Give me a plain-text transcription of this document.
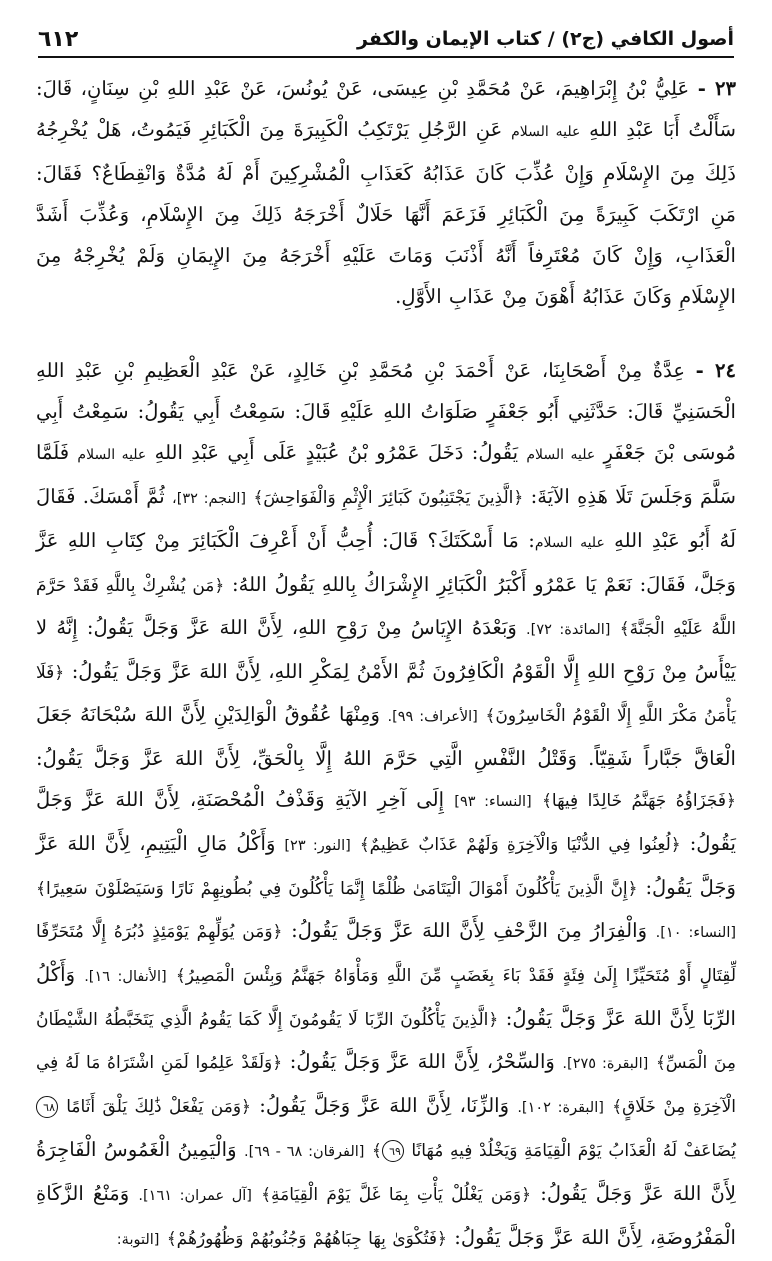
أصول الكافي (ج٢) / كتاب الإيمان والكفر
٦١٢

٢٣ - عَلِيُّ بْنُ إِبْرَاهِيمَ، عَنْ مُحَمَّدِ بْنِ عِيسَى، عَنْ يُونُسَ، عَنْ عَبْدِ اللهِ بْنِ سِنَانٍ، قَالَ: سَأَلْتُ أَبَا عَبْدِ اللهِ عليه السلام عَنِ الرَّجُلِ يَرْتَكِبُ الْكَبِيرَةَ مِنَ الْكَبَائِرِ فَيَمُوتُ، هَلْ يُخْرِجُهُ ذَلِكَ مِنَ الإِسْلَامِ وَإِنْ عُذِّبَ كَانَ عَذَابُهُ كَعَذَابِ الْمُشْرِكِينَ أَمْ لَهُ مُدَّةٌ وَانْقِطَاعٌ؟ فَقَالَ: مَنِ ارْتَكَبَ كَبِيرَةً مِنَ الْكَبَائِرِ فَزَعَمَ أَنَّهَا حَلَالٌ أَخْرَجَهُ ذَلِكَ مِنَ الإِسْلَامِ، وَعُذِّبَ أَشَدَّ الْعَذَابِ، وَإِنْ كَانَ مُعْتَرِفاً أَنَّهُ أَذْنَبَ وَمَاتَ عَلَيْهِ أَخْرَجَهُ مِنَ الإِيمَانِ وَلَمْ يُخْرِجْهُ مِنَ الإِسْلَامِ وَكَانَ عَذَابُهُ أَهْوَنَ مِنْ عَذَابِ الأَوَّلِ.

٢٤ - عِدَّةٌ مِنْ أَصْحَابِنَا، عَنْ أَحْمَدَ بْنِ مُحَمَّدِ بْنِ خَالِدٍ، عَنْ عَبْدِ الْعَظِيمِ بْنِ عَبْدِ اللهِ الْحَسَنِيِّ قَالَ: حَدَّثَنِي أَبُو جَعْفَرٍ صَلَوَاتُ اللهِ عَلَيْهِ قَالَ: سَمِعْتُ أَبِي يَقُولُ: سَمِعْتُ أَبِي مُوسَى بْنَ جَعْفَرٍ عليه السلام يَقُولُ: دَخَلَ عَمْرُو بْنُ عُبَيْدٍ عَلَى أَبِي عَبْدِ اللهِ عليه السلام فَلَمَّا سَلَّمَ وَجَلَسَ تَلَا هَذِهِ الآيَةَ: ﴿الَّذِينَ يَجْتَنِبُونَ كَبَائِرَ الْإِثْمِ وَالْفَوَاحِشَ﴾ [النجم: ٣٢]، ثُمَّ أَمْسَكَ. فَقَالَ لَهُ أَبُو عَبْدِ اللهِ عليه السلام: مَا أَسْكَتَكَ؟ قَالَ: أُحِبُّ أَنْ أَعْرِفَ الْكَبَائِرَ مِنْ كِتَابِ اللهِ عَزَّ وَجَلَّ، فَقَالَ: نَعَمْ يَا عَمْرُو أَكْبَرُ الْكَبَائِرِ الإِشْرَاكُ بِاللهِ يَقُولُ اللهُ: ﴿مَن يُشْرِكْ بِاللَّهِ فَقَدْ حَرَّمَ اللَّهُ عَلَيْهِ الْجَنَّةَ﴾ [المائدة: ٧٢]. وَبَعْدَهُ الإِيَاسُ مِنْ رَوْحِ اللهِ، لِأَنَّ اللهَ عَزَّ وَجَلَّ يَقُولُ: إِنَّهُ لا يَيْأَسُ مِنْ رَوْحِ اللهِ إِلَّا الْقَوْمُ الْكَافِرُونَ ثُمَّ الأَمْنُ لِمَكْرِ اللهِ، لِأَنَّ اللهَ عَزَّ وَجَلَّ يَقُولُ: ﴿فَلَا يَأْمَنُ مَكْرَ اللَّهِ إِلَّا الْقَوْمُ الْخَاسِرُونَ﴾ [الأعراف: ٩٩]. وَمِنْهَا عُقُوقُ الْوَالِدَيْنِ لِأَنَّ اللهَ سُبْحَانَهُ جَعَلَ الْعَاقَّ جَبَّاراً شَقِيّاً. وَقَتْلُ النَّفْسِ الَّتِي حَرَّمَ اللهُ إِلَّا بِالْحَقِّ، لِأَنَّ اللهَ عَزَّ وَجَلَّ يَقُولُ: ﴿فَجَزَاؤُهُ جَهَنَّمُ خَالِدًا فِيهَا﴾ [النساء: ٩٣] إِلَى آخِرِ الآيَةِ وَقَذْفُ الْمُحْصَنَةِ، لِأَنَّ اللهَ عَزَّ وَجَلَّ يَقُولُ: ﴿لُعِنُوا فِي الدُّنْيَا وَالْآخِرَةِ وَلَهُمْ عَذَابٌ عَظِيمٌ﴾ [النور: ٢٣] وَأَكْلُ مَالِ الْيَتِيمِ، لِأَنَّ اللهَ عَزَّ وَجَلَّ يَقُولُ: ﴿إِنَّ الَّذِينَ يَأْكُلُونَ أَمْوَالَ الْيَتَامَىٰ ظُلْمًا إِنَّمَا يَأْكُلُونَ فِي بُطُونِهِمْ نَارًا وَسَيَصْلَوْنَ سَعِيرًا﴾ [النساء: ١٠]. وَالْفِرَارُ مِنَ الزَّحْفِ لِأَنَّ اللهَ عَزَّ وَجَلَّ يَقُولُ: ﴿وَمَن يُوَلِّهِمْ يَوْمَئِذٍ دُبُرَهُ إِلَّا مُتَحَرِّفًا لِّقِتَالٍ أَوْ مُتَحَيِّزًا إِلَىٰ فِئَةٍ فَقَدْ بَاءَ بِغَضَبٍ مِّنَ اللَّهِ وَمَأْوَاهُ جَهَنَّمُ وَبِئْسَ الْمَصِيرُ﴾ [الأنفال: ١٦]. وَأَكْلُ الرِّبَا لِأَنَّ اللهَ عَزَّ وَجَلَّ يَقُولُ: ﴿الَّذِينَ يَأْكُلُونَ الرِّبَا لَا يَقُومُونَ إِلَّا كَمَا يَقُومُ الَّذِي يَتَخَبَّطُهُ الشَّيْطَانُ مِنَ الْمَسِّ﴾ [البقرة: ٢٧٥]. وَالسِّحْرُ، لِأَنَّ اللهَ عَزَّ وَجَلَّ يَقُولُ: ﴿وَلَقَدْ عَلِمُوا لَمَنِ اشْتَرَاهُ مَا لَهُ فِي الْآخِرَةِ مِنْ خَلَاقٍ﴾ [البقرة: ١٠٢]. وَالزِّنَا، لِأَنَّ اللهَ عَزَّ وَجَلَّ يَقُولُ: ﴿وَمَن يَفْعَلْ ذَٰلِكَ يَلْقَ أَثَامًا ٦٨ يُضَاعَفْ لَهُ الْعَذَابُ يَوْمَ الْقِيَامَةِ وَيَخْلُدْ فِيهِ مُهَانًا ٦٩﴾ [الفرقان: ٦٨ - ٦٩]. وَالْيَمِينُ الْغَمُوسُ الْفَاجِرَةُ لِأَنَّ اللهَ عَزَّ وَجَلَّ يَقُولُ: ﴿وَمَن يَغْلُلْ يَأْتِ بِمَا غَلَّ يَوْمَ الْقِيَامَةِ﴾ [آل عمران: ١٦١]. وَمَنْعُ الزَّكَاةِ الْمَفْرُوضَةِ، لِأَنَّ اللهَ عَزَّ وَجَلَّ يَقُولُ: ﴿فَتُكْوَىٰ بِهَا جِبَاهُهُمْ وَجُنُوبُهُمْ وَظُهُورُهُمْ﴾ [التوبة:
